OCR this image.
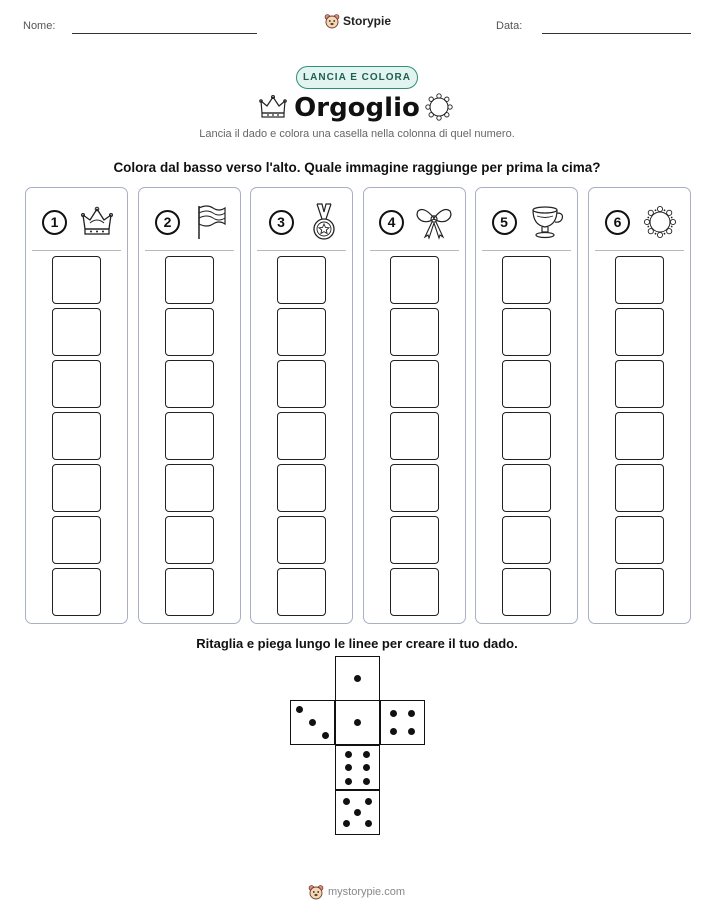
Nome:	Storypie	Data:
LANCIA E COLORA
Orgoglio
Lancia il dado e colora una casella nella colonna di quel numero.
Colora dal basso verso l'alto. Quale immagine raggiunge per prima la cima?
1	2	3	4	5	6
Ritaglia e piega lungo le linee per creare il tuo dado.
mystorypie.com
